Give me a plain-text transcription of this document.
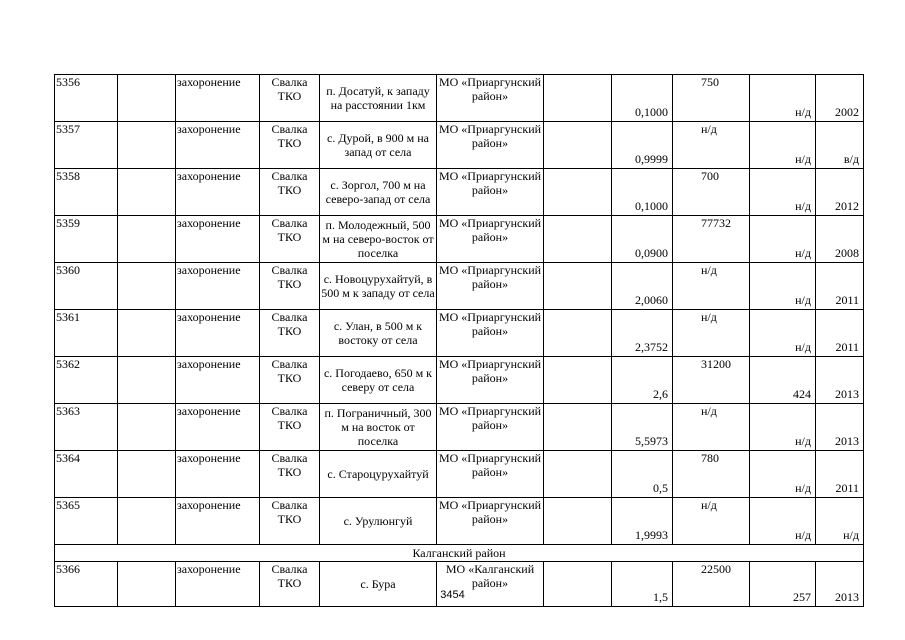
5356		захоронение	Свалка ТКО	п. Досатуй, к западу на расстоянии 1км	МО «Приаргунский район»		0,1000	750	н/д	2002
5357		захоронение	Свалка ТКО	с. Дурой, в 900 м на запад от села	МО «Приаргунский район»		0,9999	н/д	н/д	в/д
5358		захоронение	Свалка ТКО	с. Зоргол, 700 м на северо-запад от села	МО «Приаргунский район»		0,1000	700	н/д	2012
5359		захоронение	Свалка ТКО	п. Молодежный, 500 м на северо-восток от поселка	МО «Приаргунский район»		0,0900	77732	н/д	2008
5360		захоронение	Свалка ТКО	с. Новоцурухайтуй, в 500 м к западу от села	МО «Приаргунский район»		2,0060	н/д	н/д	2011
5361		захоронение	Свалка ТКО	с. Улан, в 500 м к востоку от села	МО «Приаргунский район»		2,3752	н/д	н/д	2011
5362		захоронение	Свалка ТКО	с. Погодаево, 650 м к северу от села	МО «Приаргунский район»		2,6	31200	424	2013
5363		захоронение	Свалка ТКО	п. Пограничный, 300 м на восток от поселка	МО «Приаргунский район»		5,5973	н/д	н/д	2013
5364		захоронение	Свалка ТКО	с. Староцурухайтуй	МО «Приаргунский район»		0,5	780	н/д	2011
5365		захоронение	Свалка ТКО	с. Урулюнгуй	МО «Приаргунский район»		1,9993	н/д	н/д	н/д
Калганский район										
5366		захоронение	Свалка ТКО	с. Бура	МО «Калганский район»		1,5	22500	257	2013
3454
